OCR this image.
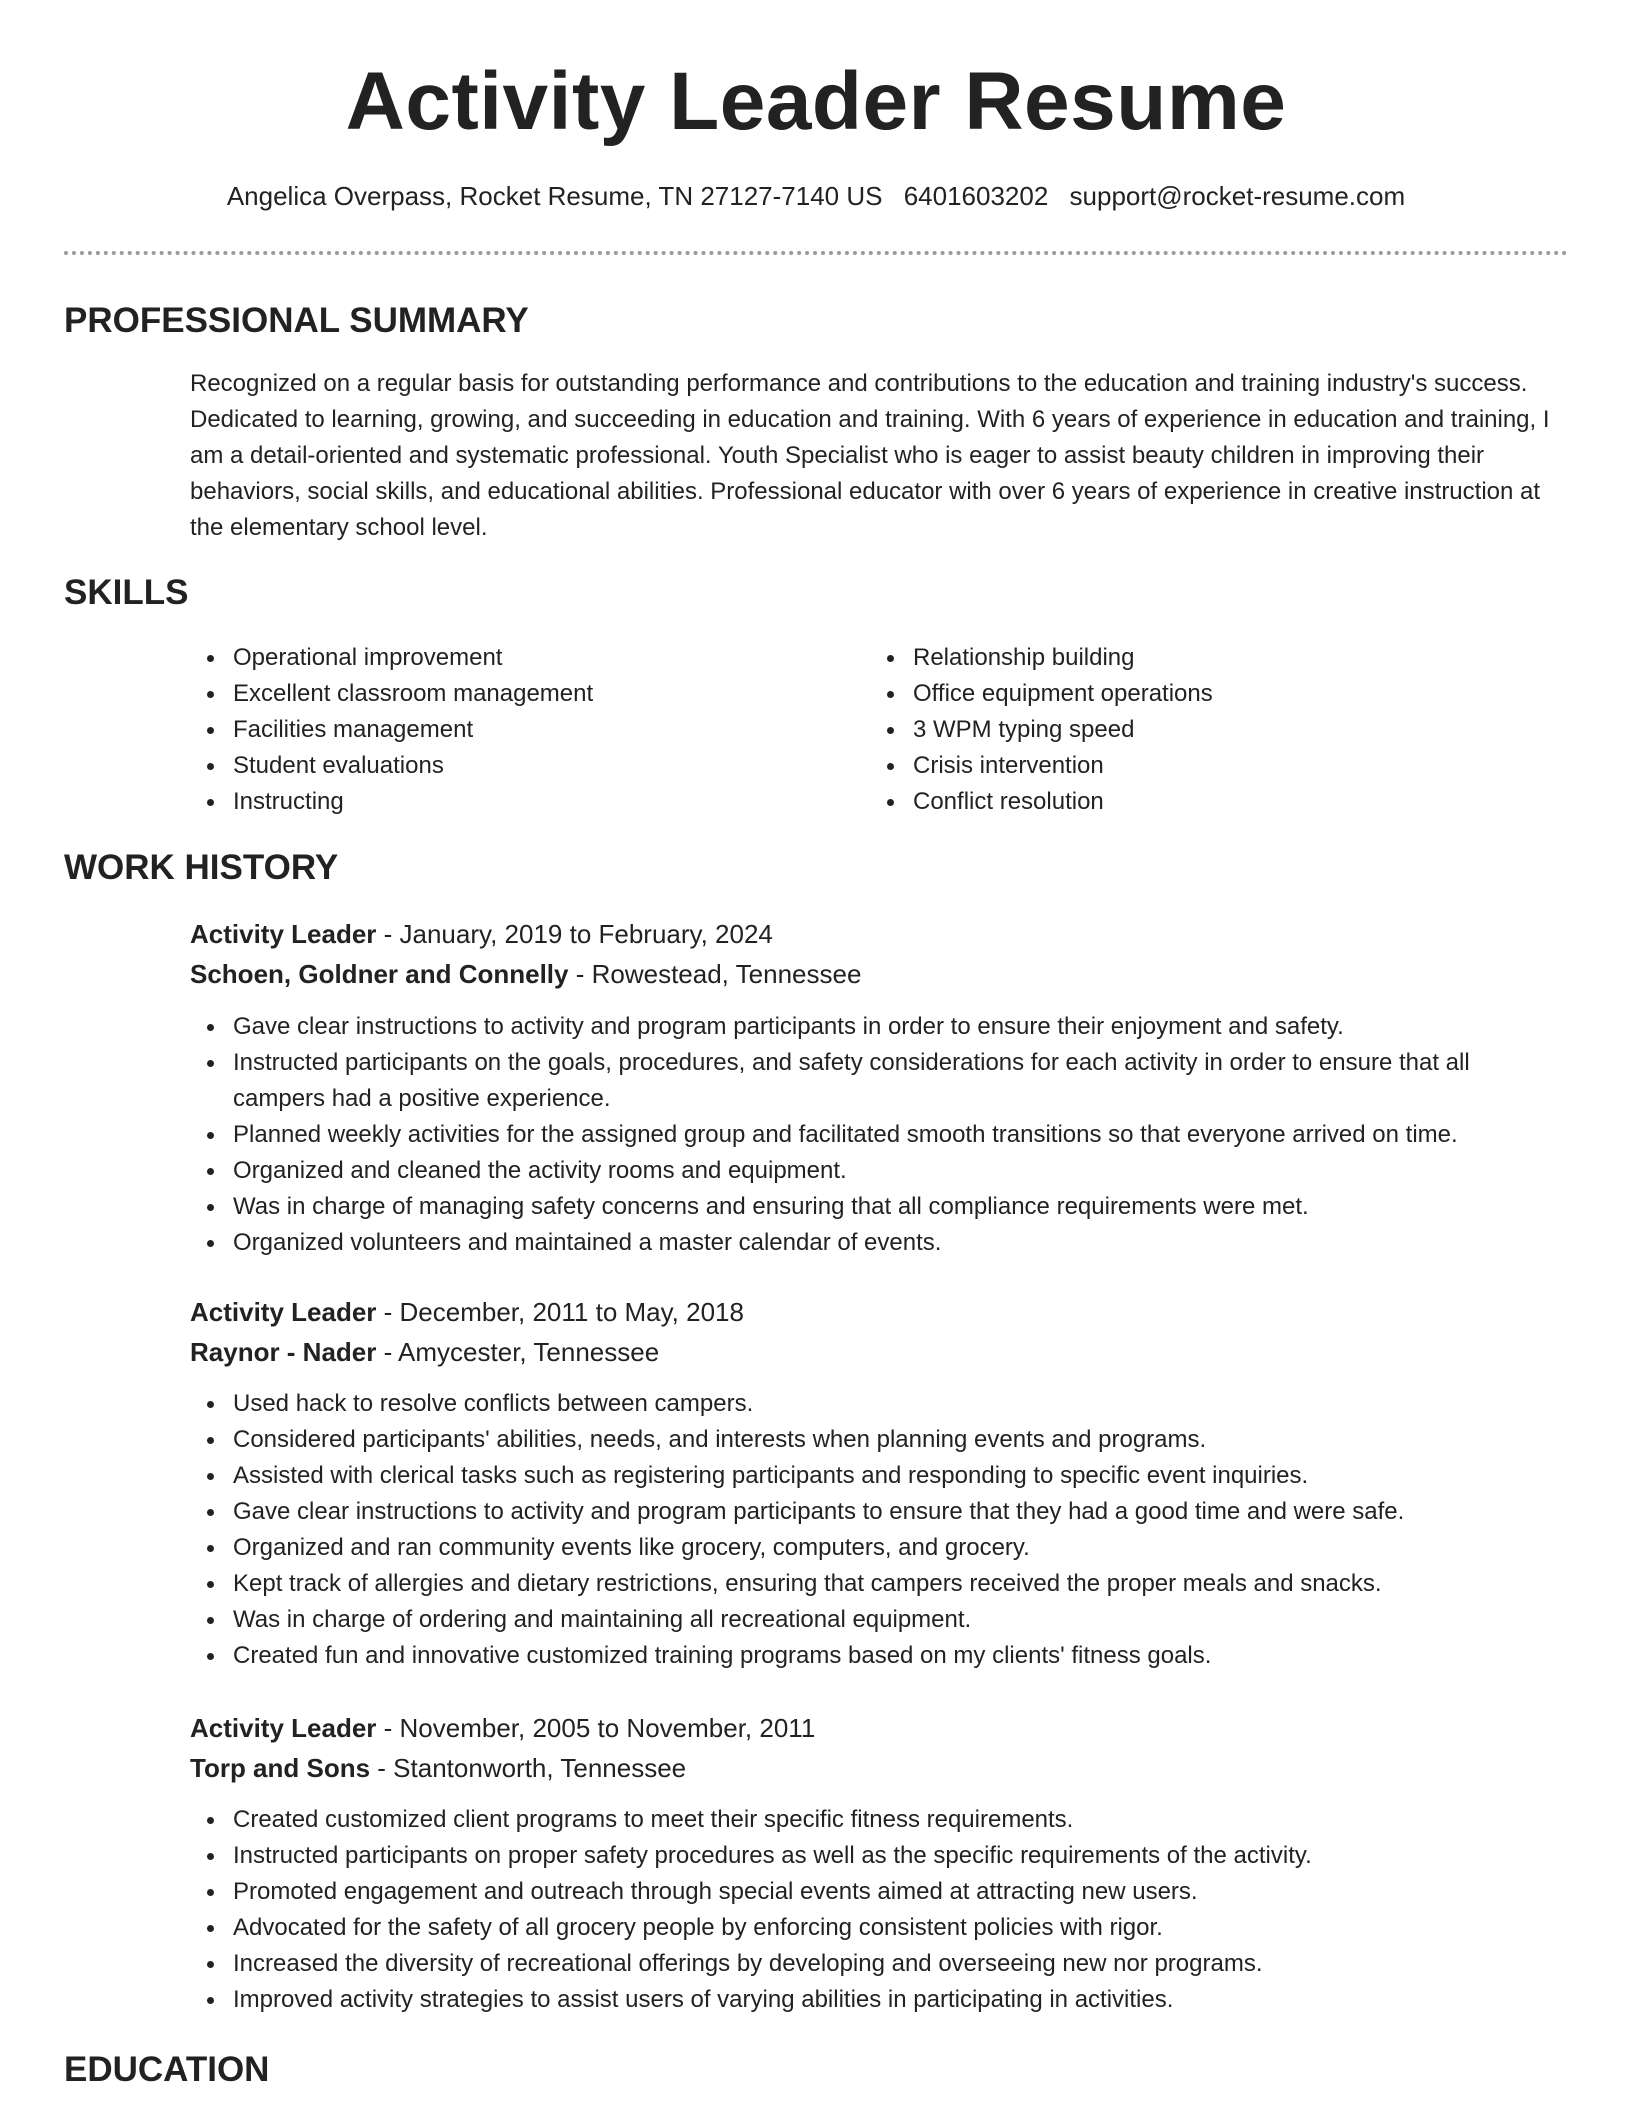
Activity Leader Resume
Angelica Overpass, Rocket Resume, TN 27127-7140 US 6401603202 support@rocket-resume.com
PROFESSIONAL SUMMARY

Recognized on a regular basis for outstanding performance and contributions to the education and training industry's success. Dedicated to learning, growing, and succeeding in education and training. With 6 years of experience in education and training, I am a detail-oriented and systematic professional. Youth Specialist who is eager to assist beauty children in improving their behaviors, social skills, and educational abilities. Professional educator with over 6 years of experience in creative instruction at the elementary school level.

SKILLS
Operational improvement
Excellent classroom management
Facilities management
Student evaluations
Instructing
Relationship building
Office equipment operations
3 WPM typing speed
Crisis intervention
Conflict resolution
WORK HISTORY
Activity Leader - January, 2019 to February, 2024
Schoen, Goldner and Connelly - Rowestead, Tennessee
Gave clear instructions to activity and program participants in order to ensure their enjoyment and safety.
Instructed participants on the goals, procedures, and safety considerations for each activity in order to ensure that all campers had a positive experience.
Planned weekly activities for the assigned group and facilitated smooth transitions so that everyone arrived on time.
Organized and cleaned the activity rooms and equipment.
Was in charge of managing safety concerns and ensuring that all compliance requirements were met.
Organized volunteers and maintained a master calendar of events.
Activity Leader - December, 2011 to May, 2018
Raynor - Nader - Amycester, Tennessee
Used hack to resolve conflicts between campers.
Considered participants' abilities, needs, and interests when planning events and programs.
Assisted with clerical tasks such as registering participants and responding to specific event inquiries.
Gave clear instructions to activity and program participants to ensure that they had a good time and were safe.
Organized and ran community events like grocery, computers, and grocery.
Kept track of allergies and dietary restrictions, ensuring that campers received the proper meals and snacks.
Was in charge of ordering and maintaining all recreational equipment.
Created fun and innovative customized training programs based on my clients' fitness goals.
Activity Leader - November, 2005 to November, 2011
Torp and Sons - Stantonworth, Tennessee
Created customized client programs to meet their specific fitness requirements.
Instructed participants on proper safety procedures as well as the specific requirements of the activity.
Promoted engagement and outreach through special events aimed at attracting new users.
Advocated for the safety of all grocery people by enforcing consistent policies with rigor.
Increased the diversity of recreational offerings by developing and overseeing new nor programs.
Improved activity strategies to assist users of varying abilities in participating in activities.
EDUCATION
